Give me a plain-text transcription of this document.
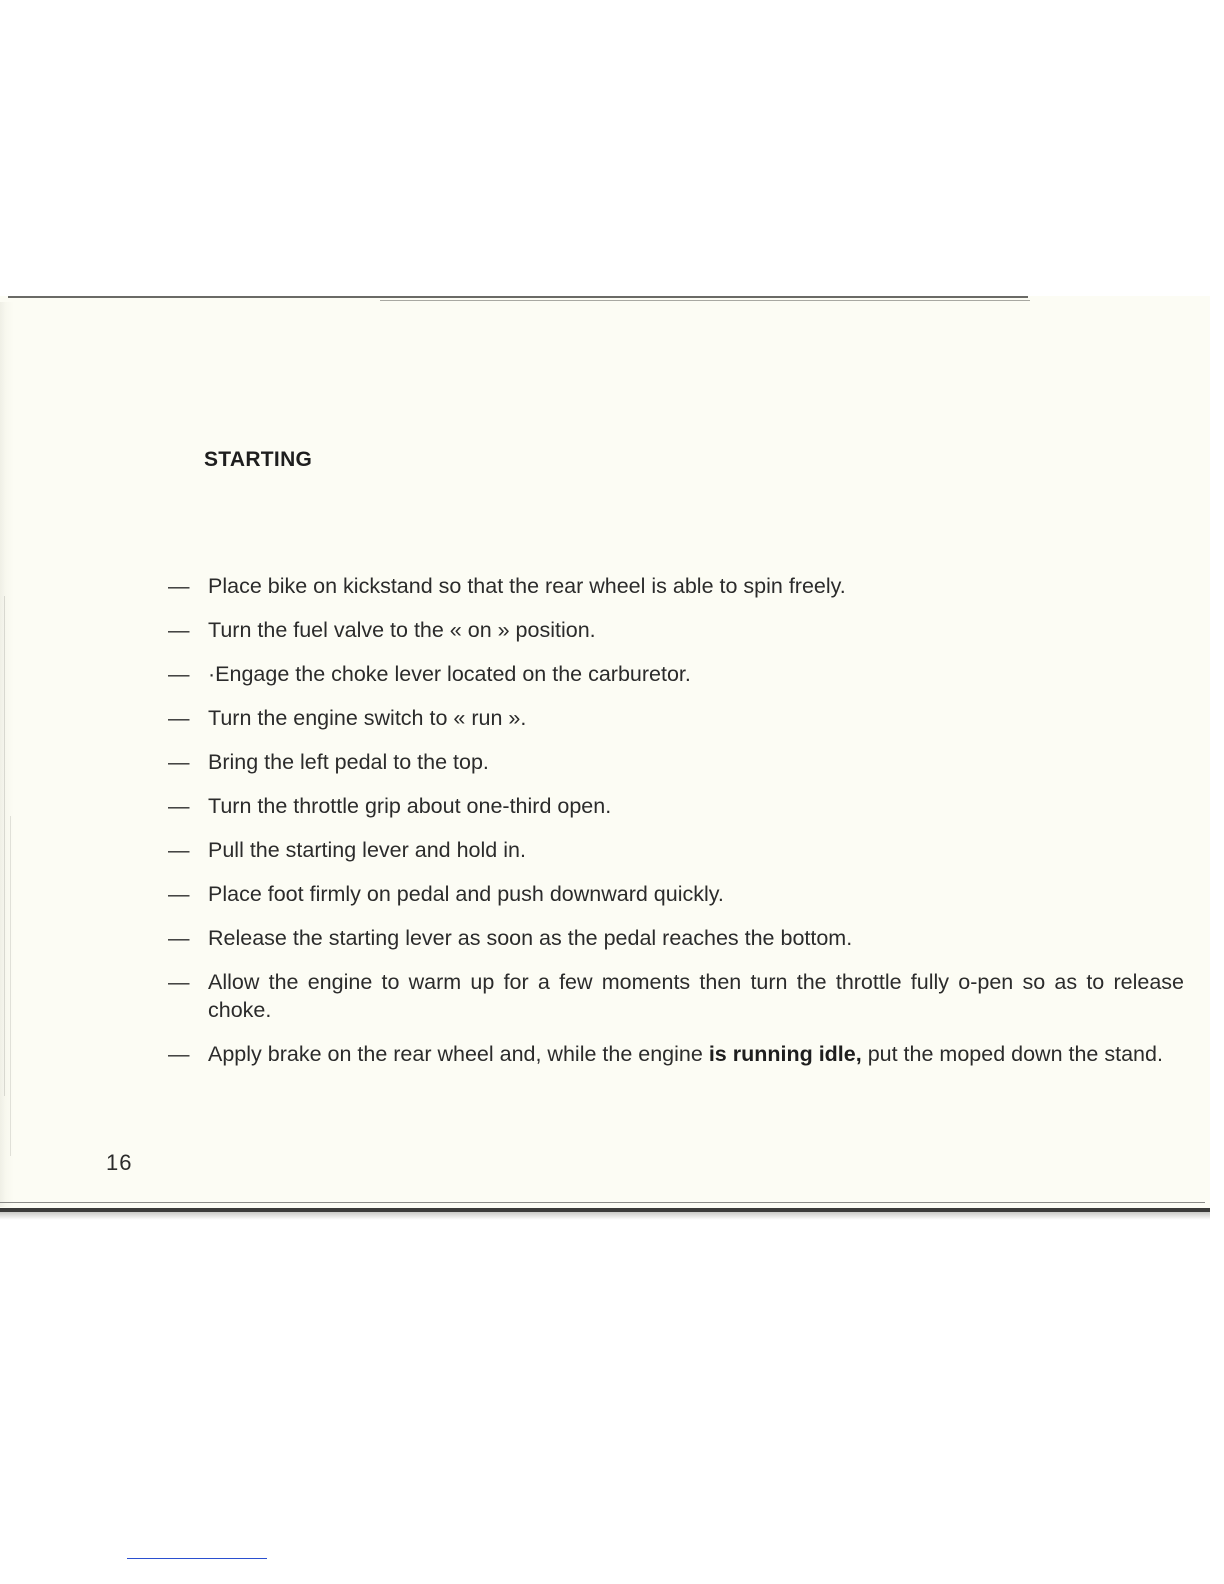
STARTING
— Place bike on kickstand so that the rear wheel is able to spin freely.
— Turn the fuel valve to the « on » position.
— ·Engage the choke lever located on the carburetor.
— Turn the engine switch to « run ».
— Bring the left pedal to the top.
— Turn the throttle grip about one-third open.
— Pull the starting lever and hold in.
— Place foot firmly on pedal and push downward quickly.
— Release the starting lever as soon as the pedal reaches the bottom.
— Allow the engine to warm up for a few moments then turn the throttle fully o-pen so as to release choke.
— Apply brake on the rear wheel and, while the engine is running idle, put the moped down the stand.
16
